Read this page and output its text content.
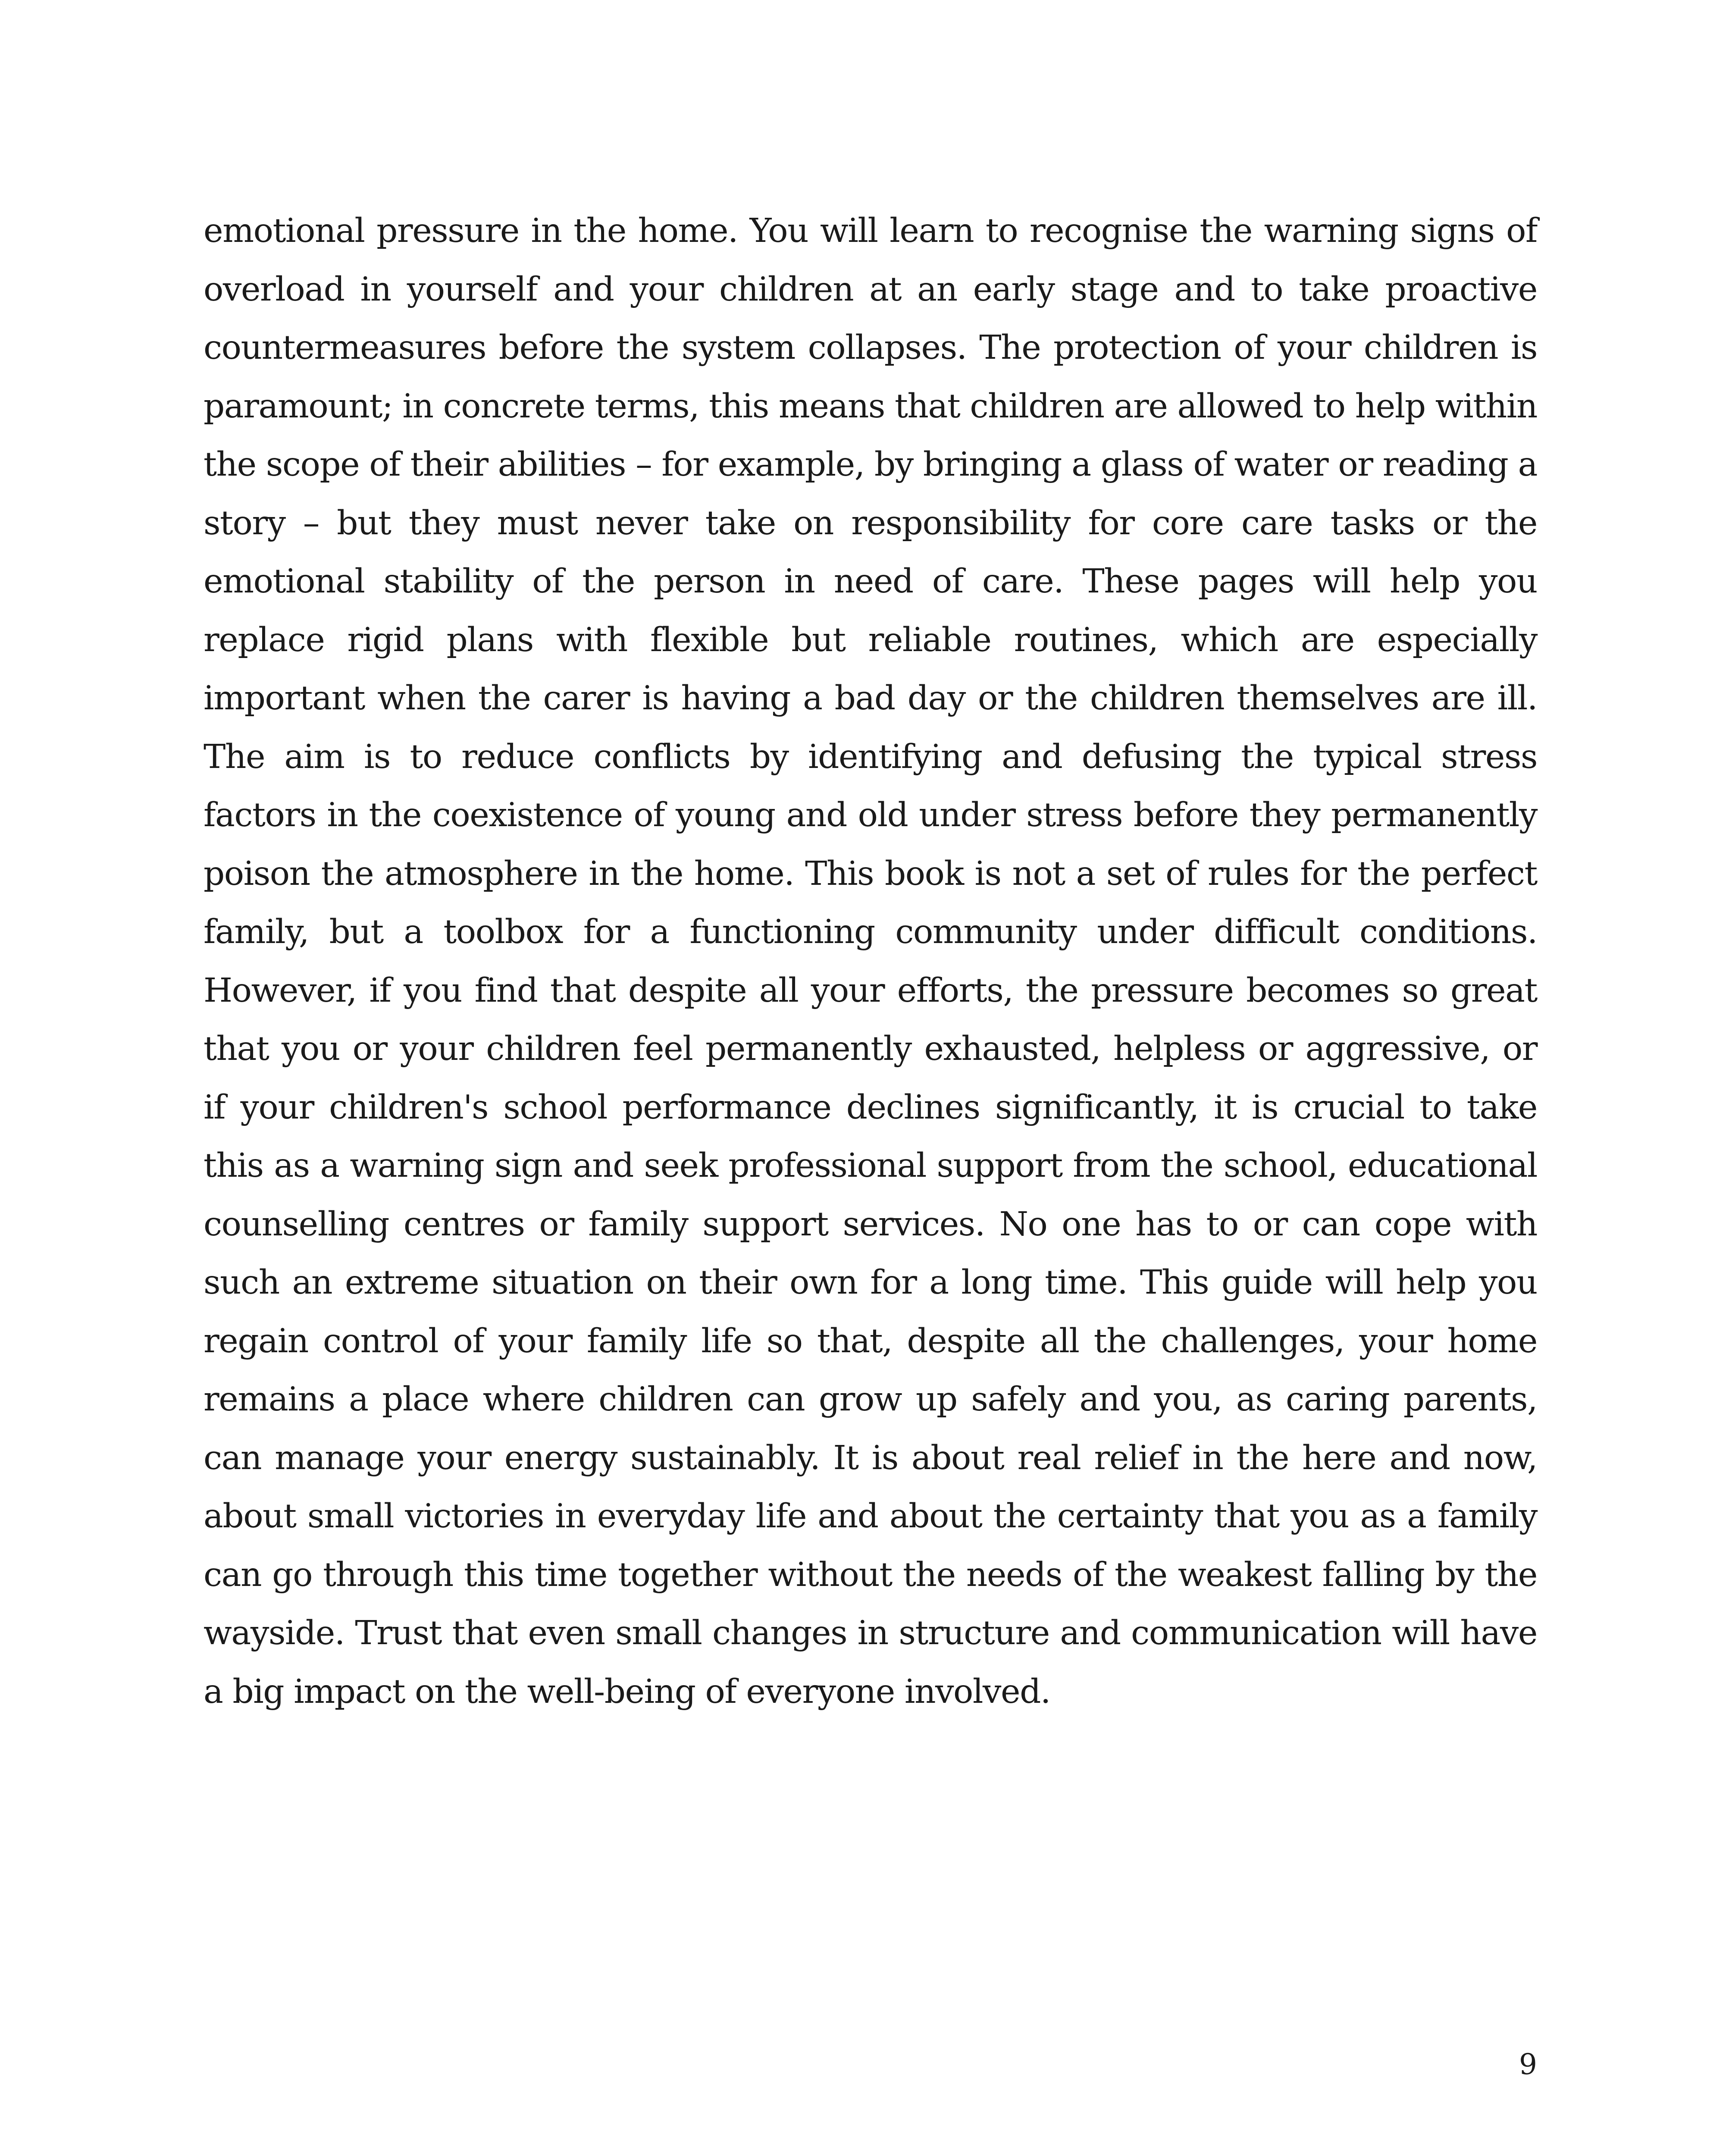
emotional pressure in the home. You will learn to recognise the warning signs of overload in yourself and your children at an early stage and to take proactive countermeasures before the system collapses. The protection of your children is paramount; in concrete terms, this means that children are allowed to help within the scope of their abilities – for example, by bringing a glass of water or reading a story – but they must never take on responsibility for core care tasks or the emotional stability of the person in need of care. These pages will help you replace rigid plans with flexible but reliable routines, which are especially important when the carer is having a bad day or the children themselves are ill. The aim is to reduce conflicts by identifying and defusing the typical stress factors in the coexistence of young and old under stress before they permanently poison the atmosphere in the home. This book is not a set of rules for the perfect family, but a toolbox for a functioning community under difficult conditions. However, if you find that despite all your efforts, the pressure becomes so great that you or your children feel permanently exhausted, helpless or aggressive, or if your children's school performance declines significantly, it is crucial to take this as a warning sign and seek professional support from the school, educational counselling centres or family support services. No one has to or can cope with such an extreme situation on their own for a long time. This guide will help you regain control of your family life so that, despite all the challenges, your home remains a place where children can grow up safely and you, as caring parents, can manage your energy sustainably. It is about real relief in the here and now, about small victories in everyday life and about the certainty that you as a family can go through this time together without the needs of the weakest falling by the wayside. Trust that even small changes in structure and communication will have a big impact on the well-being of everyone involved.

9
